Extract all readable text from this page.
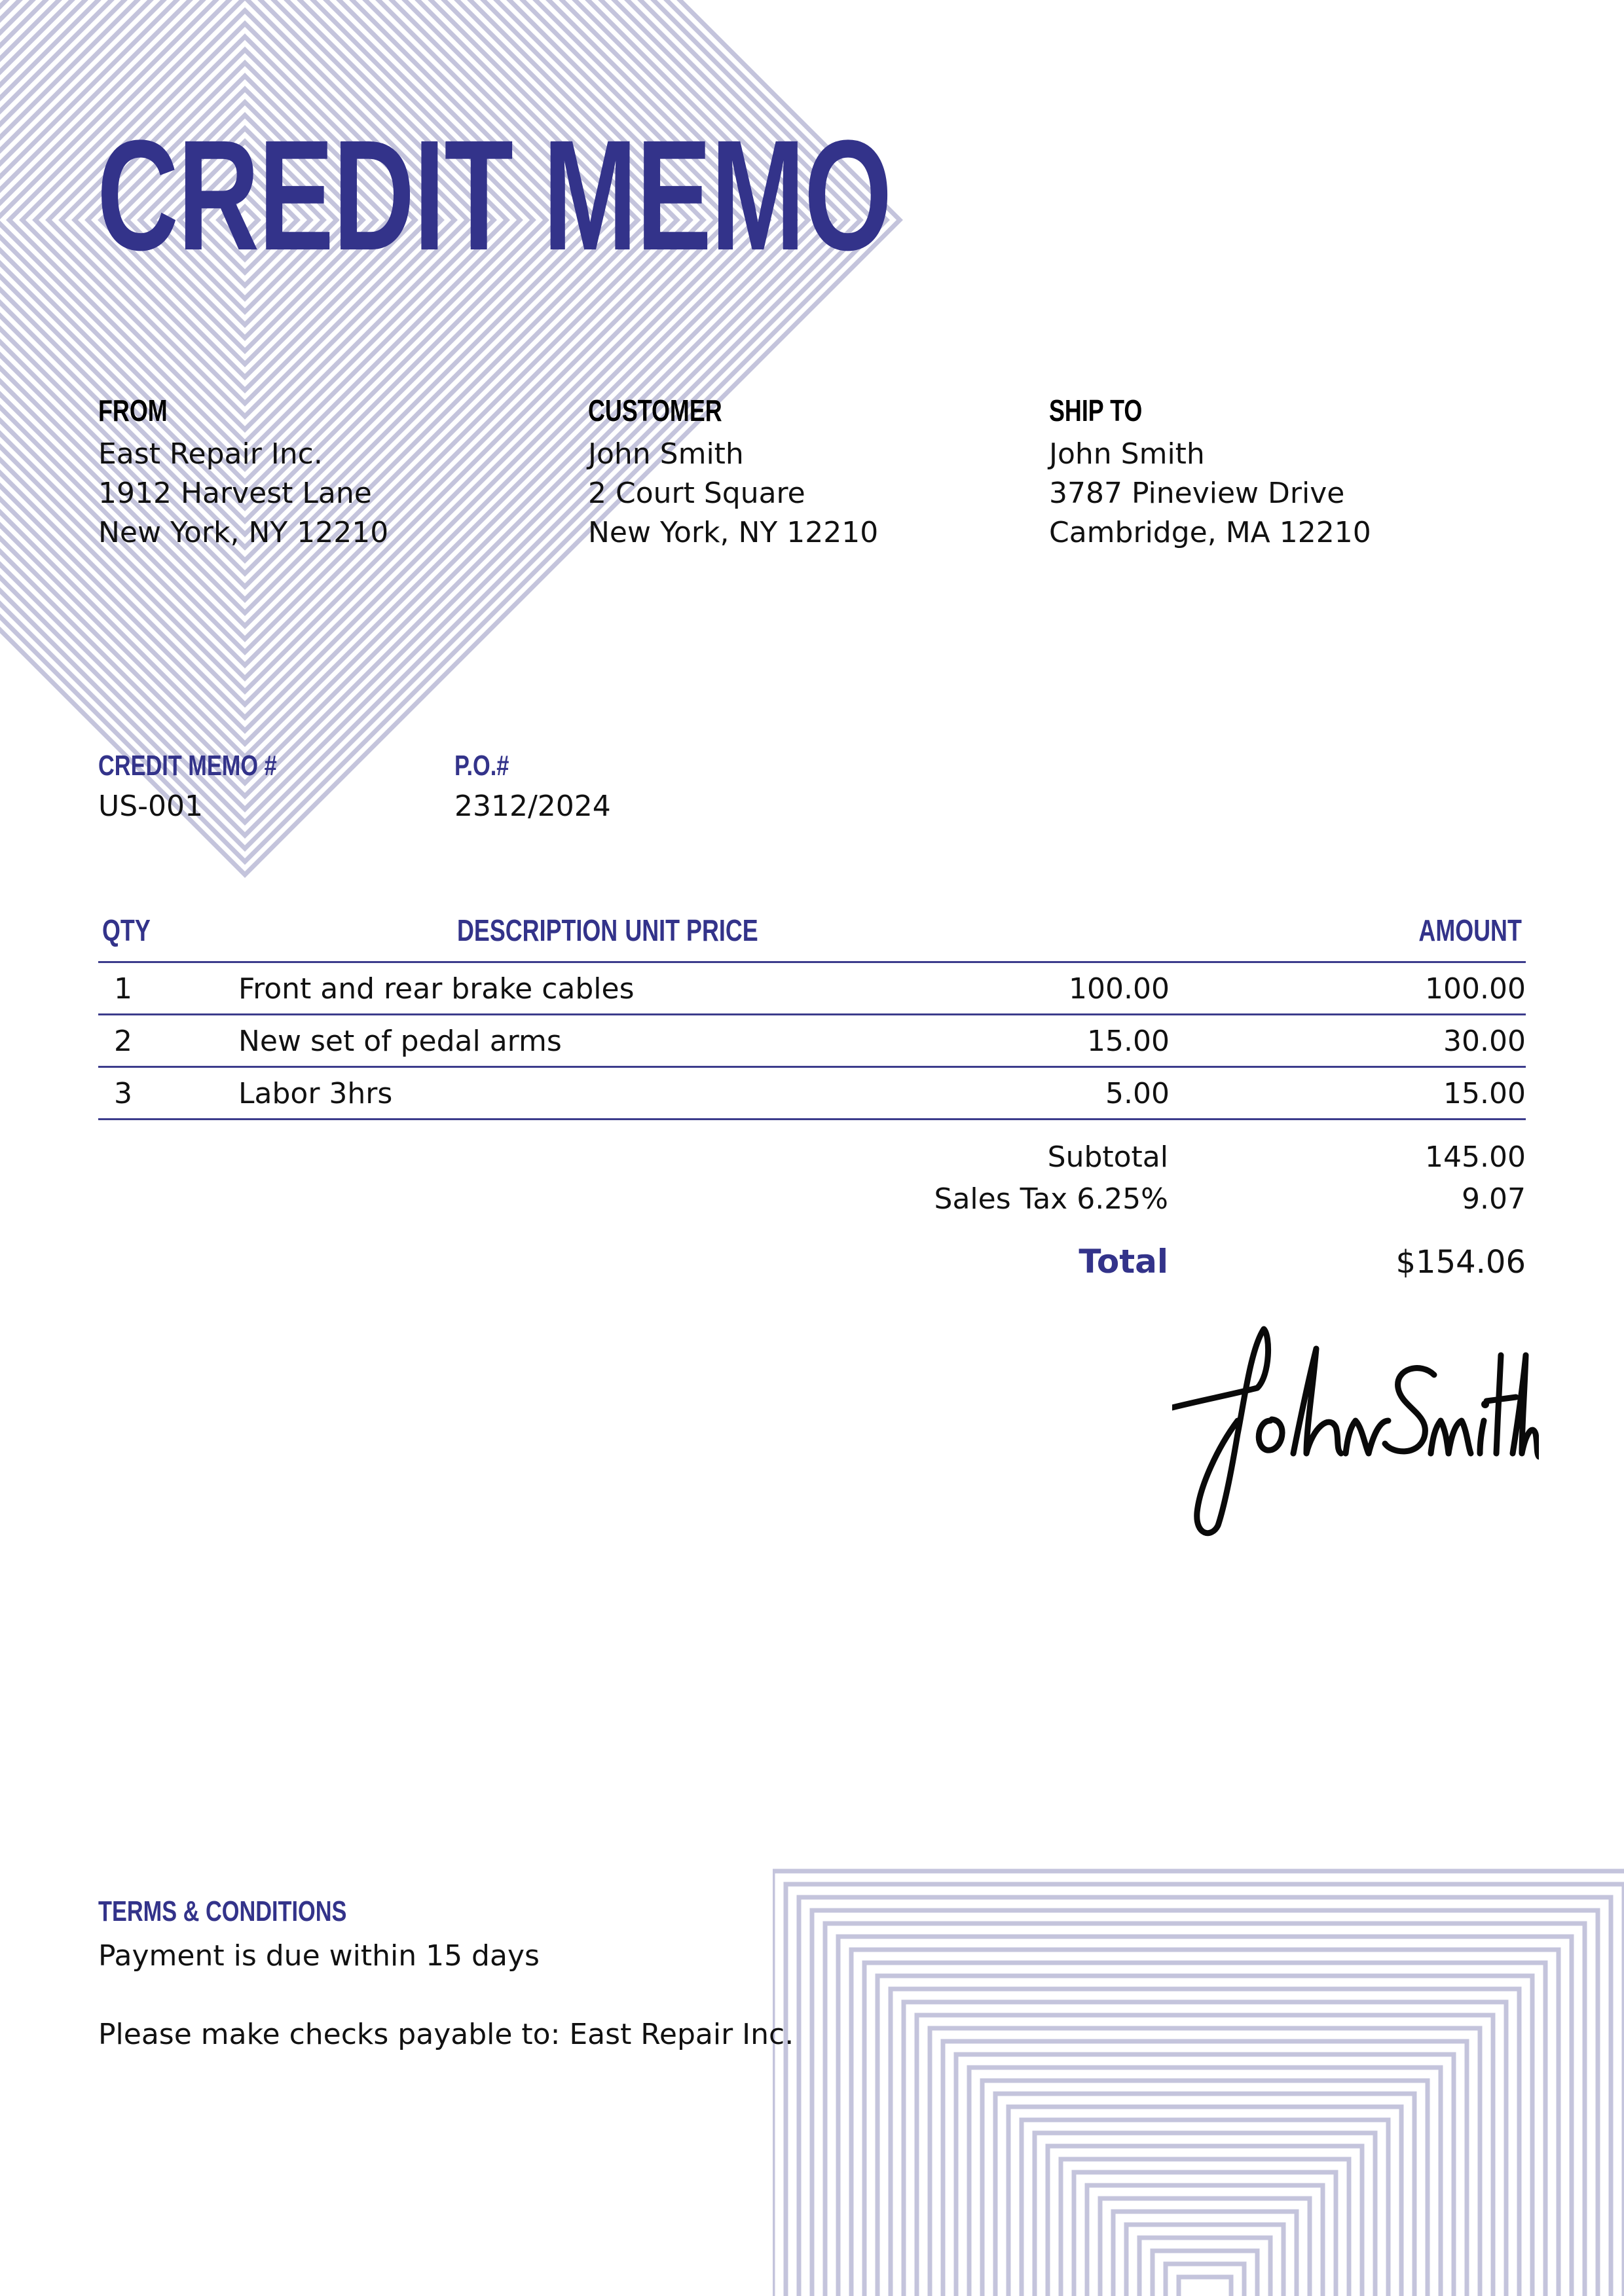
CREDIT MEMO
FROM
East Repair Inc.
1912 Harvest Lane
New York, NY 12210
CUSTOMER
John Smith
2 Court Square
New York, NY 12210
SHIP TO
John Smith
3787 Pineview Drive
Cambridge, MA 12210
CREDIT MEMO #
US-001
P.O.#
2312/2024
QTY	DESCRIPTION UNIT PRICE	AMOUNT
1	Front and rear brake cables	100.00	100.00
2	New set of pedal arms	15.00	30.00
3	Labor 3hrs	5.00	15.00
Subtotal	145.00
Sales Tax 6.25%	9.07
Total	$154.06
TERMS & CONDITIONS
Payment is due within 15 days
Please make checks payable to: East Repair Inc.
